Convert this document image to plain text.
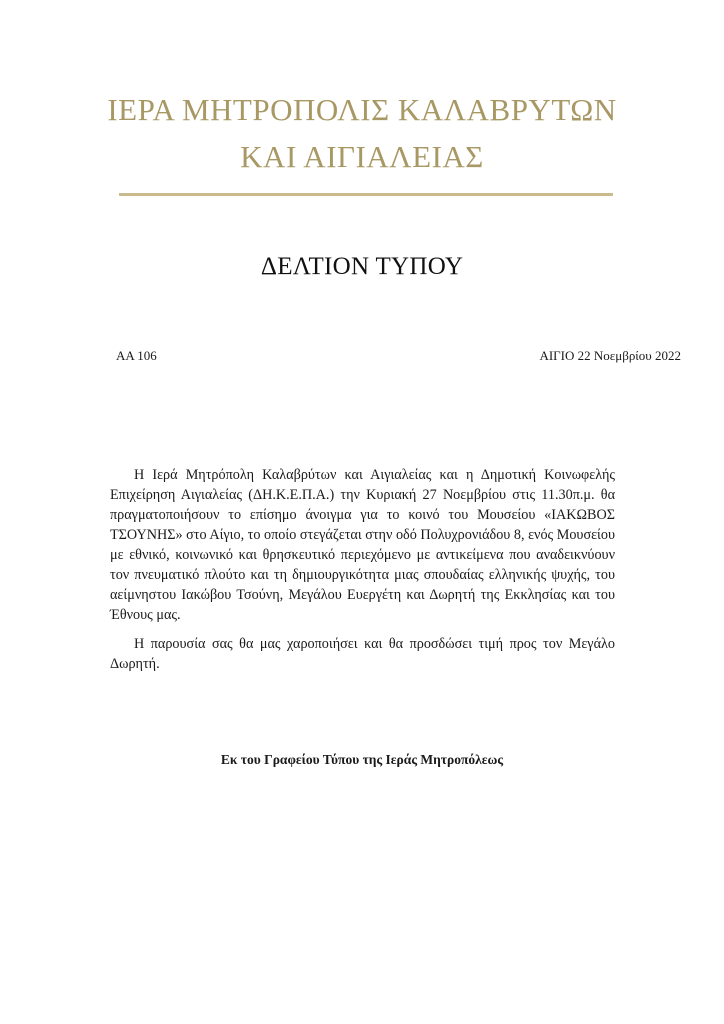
ΙΕΡΑ ΜΗΤΡΟΠΟΛΙΣ ΚΑΛΑΒΡΥΤΩΝ
ΚΑΙ ΑΙΓΙΑΛΕΙΑΣ
ΔΕΛΤΙΟΝ ΤΥΠΟΥ
ΑΑ 106	ΑΙΓΙΟ 22 Νοεμβρίου 2022

Η Ιερά Μητρόπολη Καλαβρύτων και Αιγιαλείας και η Δημοτική Κοινωφελής Επιχείρηση Αιγιαλείας (ΔΗ.Κ.Ε.Π.Α.) την Κυριακή 27 Νοεμβρίου στις 11.30π.μ. θα πραγματοποιήσουν το επίσημο άνοιγμα για το κοινό του Μουσείου «ΙΑΚΩΒΟΣ ΤΣΟΥΝΗΣ» στο Αίγιο, το οποίο στεγάζεται στην οδό Πολυχρονιάδου 8, ενός Μουσείου με εθνικό, κοινωνικό και θρησκευτικό περιεχόμενο με αντικείμενα που αναδεικνύουν τον πνευματικό πλούτο και τη δημιουργικότητα μιας σπουδαίας ελληνικής ψυχής, του αείμνηστου Ιακώβου Τσούνη, Μεγάλου Ευεργέτη και Δωρητή της Εκκλησίας και του Έθνους μας.

Η παρουσία σας θα μας χαροποιήσει και θα προσδώσει τιμή προς τον Μεγάλο Δωρητή.

Εκ του Γραφείου Τύπου της Ιεράς Μητροπόλεως
